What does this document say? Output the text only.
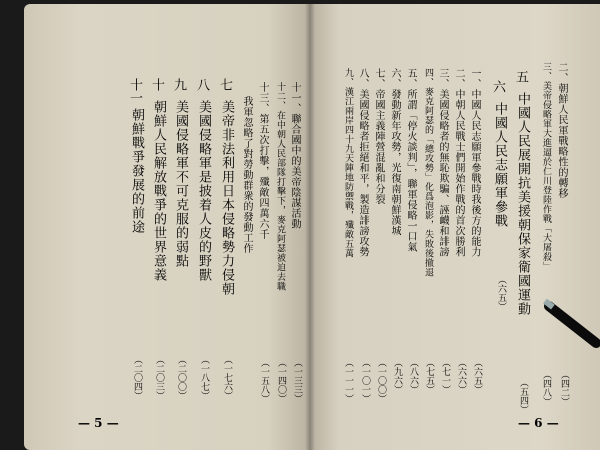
十一
朝鮮戰爭發展的前途
（二〇四）
十
朝鮮人民解放戰爭的世界意義
（二〇三）
九
美國侵略軍不可克服的弱點
（二〇〇）
八
美國侵略軍是披着人皮的野獸
（一八七）
七
美帝非法利用日本侵略勢力侵朝
（一七六）
我軍忽略了對勞動群衆的發動工作 十三、第五次打擊，殲敵四萬六千
（一五八）
十二、在中朝人民部隊打擊下，麥克阿瑟被迫去職
（一四〇）
十一、聯合國中的美帝陰謀活動
（一三三）
— 5 —
九、漢江兩岸四十九天陣地防禦戰，殲敵五萬
（一一一）
八、美國侵略者拒絕和平，製造誹謗攻勢
（一〇一）
七、帝國主義陣營混亂和分裂
（一〇〇）
六、發動新年攻勢，光復南朝鮮漢城
（九六）
五、所謂「停火談判」，聯軍侵略一口氣
（八六）
四、麥克阿瑟的「總攻勢」化爲泡影，失敗後撤退
（七五）
三、美國侵略者的無恥欺騙、誣衊和誹謗
（七一）
二、中朝人民戰士們開始作戰的首次勝利
（六六）
一、中國人民志願軍參戰時我後方的能力
（六五）
六
中國人民志願軍參戰
（六五）
五
中國人民展開抗美援朝保家衛國運動
（五四）
三、美帝侵略軍大進逼於仁川登陸作戰「大屠殺」
（四八）
二、朝鮮人民軍戰略性的轉移
（四二）
— 6 —
